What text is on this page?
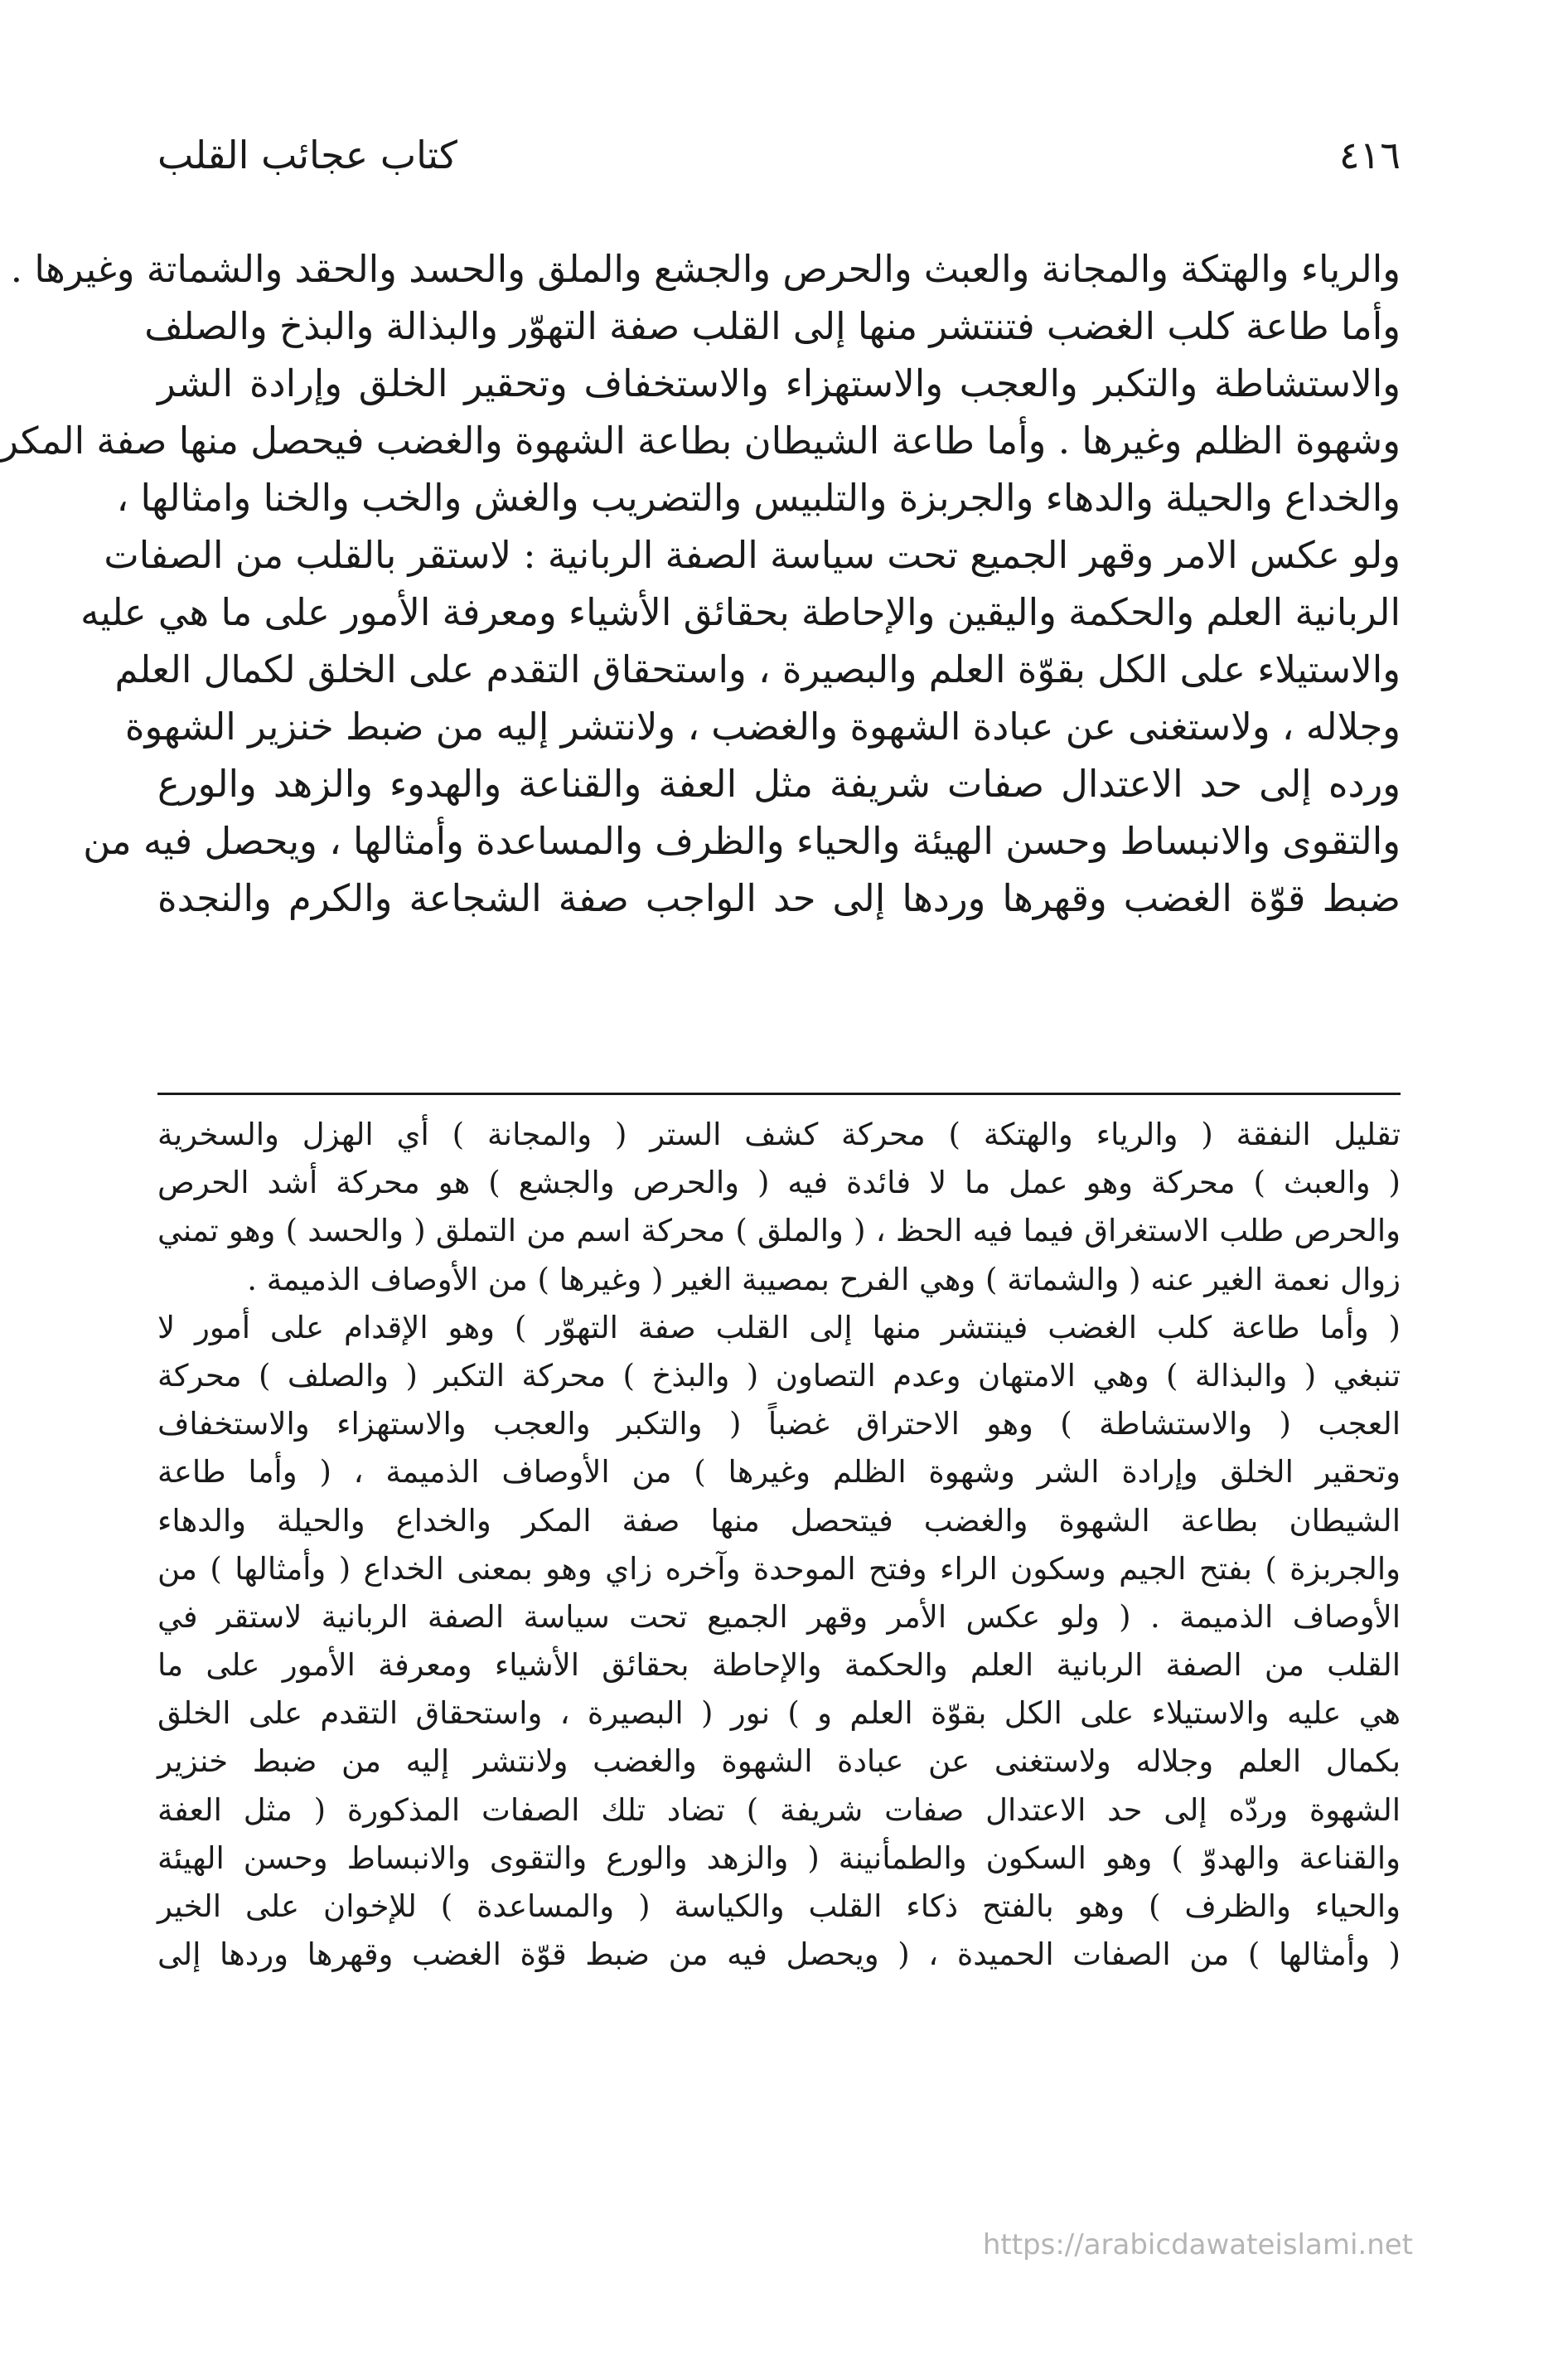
٤١٦
كتاب عجائب القلب
والرياء والهتكة والمجانة والعبث والحرص والجشع والملق والحسد والحقد والشماتة وغيرها .
وأما طاعة كلب الغضب فتنتشر منها إلى القلب صفة التهوّر والبذالة والبذخ والصلف
والاستشاطة والتكبر والعجب والاستهزاء والاستخفاف وتحقير الخلق وإرادة الشر
وشهوة الظلم وغيرها . وأما طاعة الشيطان بطاعة الشهوة والغضب فيحصل منها صفة المكر
والخداع والحيلة والدهاء والجربزة والتلبيس والتضريب والغش والخب والخنا وامثالها ،
ولو عكس الامر وقهر الجميع تحت سياسة الصفة الربانية : لاستقر بالقلب من الصفات
الربانية العلم والحكمة واليقين والإحاطة بحقائق الأشياء ومعرفة الأمور على ما هي عليه
والاستيلاء على الكل بقوّة العلم والبصيرة ، واستحقاق التقدم على الخلق لكمال العلم
وجلاله ، ولاستغنى عن عبادة الشهوة والغضب ، ولانتشر إليه من ضبط خنزير الشهوة
ورده إلى حد الاعتدال صفات شريفة مثل العفة والقناعة والهدوء والزهد والورع
والتقوى والانبساط وحسن الهيئة والحياء والظرف والمساعدة وأمثالها ، ويحصل فيه من
ضبط قوّة الغضب وقهرها وردها إلى حد الواجب صفة الشجاعة والكرم والنجدة
تقليل النفقة ( والرياء والهتكة ) محركة كشف الستر ( والمجانة ) أي الهزل والسخرية
( والعبث ) محركة وهو عمل ما لا فائدة فيه ( والحرص والجشع ) هو محركة أشد الحرص
والحرص طلب الاستغراق فيما فيه الحظ ، ( والملق ) محركة اسم من التملق ( والحسد ) وهو تمني
زوال نعمة الغير عنه ( والشماتة ) وهي الفرح بمصيبة الغير ( وغيرها ) من الأوصاف الذميمة .
( وأما طاعة كلب الغضب فينتشر منها إلى القلب صفة التهوّر ) وهو الإقدام على أمور لا
تنبغي ( والبذالة ) وهي الامتهان وعدم التصاون ( والبذخ ) محركة التكبر ( والصلف ) محركة
العجب ( والاستشاطة ) وهو الاحتراق غضباً ( والتكبر والعجب والاستهزاء والاستخفاف
وتحقير الخلق وإرادة الشر وشهوة الظلم وغيرها ) من الأوصاف الذميمة ، ( وأما طاعة
الشيطان بطاعة الشهوة والغضب فيتحصل منها صفة المكر والخداع والحيلة والدهاء
والجربزة ) بفتح الجيم وسكون الراء وفتح الموحدة وآخره زاي وهو بمعنى الخداع ( وأمثالها ) من
الأوصاف الذميمة . ( ولو عكس الأمر وقهر الجميع تحت سياسة الصفة الربانية لاستقر في
القلب من الصفة الربانية العلم والحكمة والإحاطة بحقائق الأشياء ومعرفة الأمور على ما
هي عليه والاستيلاء على الكل بقوّة العلم و ) نور ( البصيرة ، واستحقاق التقدم على الخلق
بكمال العلم وجلاله ولاستغنى عن عبادة الشهوة والغضب ولانتشر إليه من ضبط خنزير
الشهوة وردّه إلى حد الاعتدال صفات شريفة ) تضاد تلك الصفات المذكورة ( مثل العفة
والقناعة والهدوّ ) وهو السكون والطمأنينة ( والزهد والورع والتقوى والانبساط وحسن الهيئة
والحياء والظرف ) وهو بالفتح ذكاء القلب والكياسة ( والمساعدة ) للإخوان على الخير
( وأمثالها ) من الصفات الحميدة ، ( ويحصل فيه من ضبط قوّة الغضب وقهرها وردها إلى
https://arabicdawateislami.net
